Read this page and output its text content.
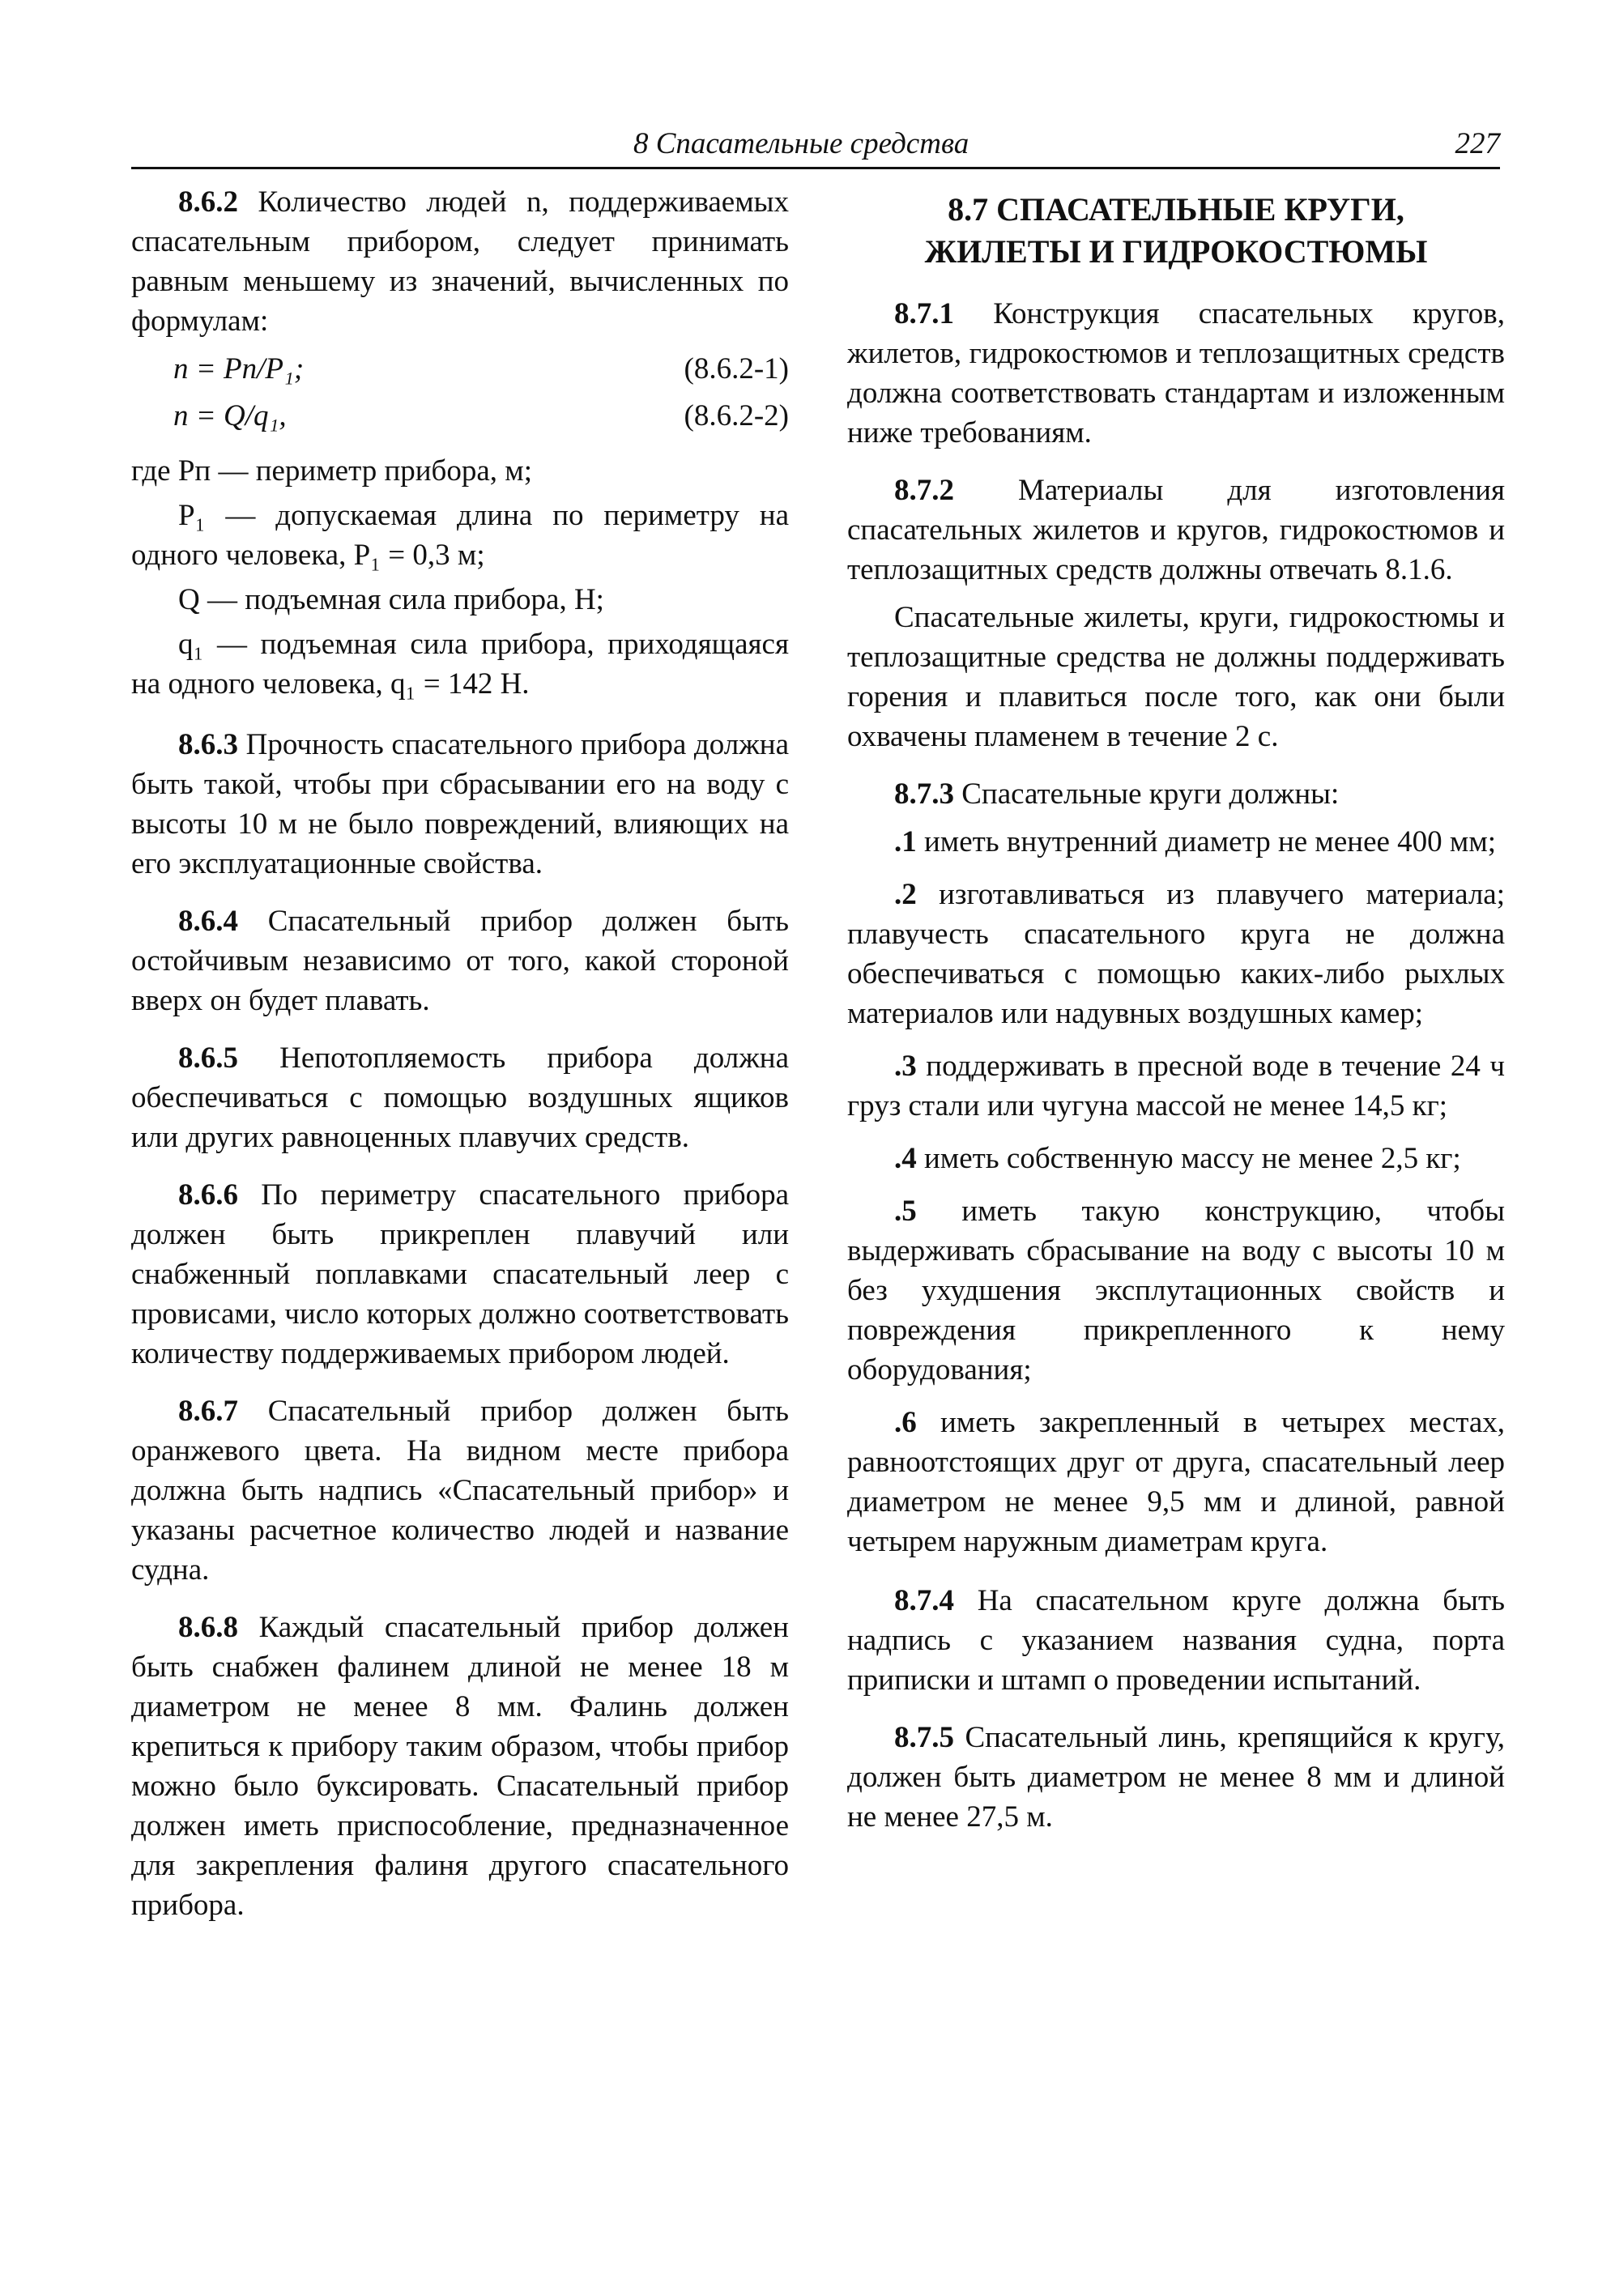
8 Спасательные средства	227

8.6.2 Количество людей n, поддерживаемых спасательным прибором, следует принимать равным меньшему из значений, вычисленных по формулам:

n = Pп/P₁;	(8.6.2-1)
n = Q/q₁,	(8.6.2-2)

где Pп — периметр прибора, м;

P₁ — допускаемая длина по периметру на одного человека, P₁ = 0,3 м;

Q — подъемная сила прибора, Н;

q₁ — подъемная сила прибора, приходящаяся на одного человека, q₁ = 142 Н.

8.6.3 Прочность спасательного прибора должна быть такой, чтобы при сбрасывании его на воду с высоты 10 м не было повреждений, влияющих на его эксплуатационные свойства.

8.6.4 Спасательный прибор должен быть остойчивым независимо от того, какой стороной вверх он будет плавать.

8.6.5 Непотопляемость прибора должна обеспечиваться с помощью воздушных ящиков или других равноценных плавучих средств.

8.6.6 По периметру спасательного прибора должен быть прикреплен плавучий или снабженный поплавками спасательный леер с провисами, число которых должно соответствовать количеству поддерживаемых прибором людей.

8.6.7 Спасательный прибор должен быть оранжевого цвета. На видном месте прибора должна быть надпись «Спасательный прибор» и указаны расчетное количество людей и название судна.

8.6.8 Каждый спасательный прибор должен быть снабжен фалинем длиной не менее 18 м диаметром не менее 8 мм. Фалинь должен крепиться к прибору таким образом, чтобы прибор можно было буксировать. Спасательный прибор должен иметь приспособление, предназначенное для закрепления фалиня другого спасательного прибора.

8.7 СПАСАТЕЛЬНЫЕ КРУГИ,
ЖИЛЕТЫ И ГИДРОКОСТЮМЫ

8.7.1 Конструкция спасательных кругов, жилетов, гидрокостюмов и теплозащитных средств должна соответствовать стандартам и изложенным ниже требованиям.

8.7.2 Материалы для изготовления спасательных жилетов и кругов, гидрокостюмов и теплозащитных средств должны отвечать 8.1.6.

Спасательные жилеты, круги, гидрокостюмы и теплозащитные средства не должны поддерживать горения и плавиться после того, как они были охвачены пламенем в течение 2 с.

8.7.3 Спасательные круги должны:

.1 иметь внутренний диаметр не менее 400 мм;

.2 изготавливаться из плавучего материала; плавучесть спасательного круга не должна обеспечиваться с помощью каких-либо рыхлых материалов или надувных воздушных камер;

.3 поддерживать в пресной воде в течение 24 ч груз стали или чугуна массой не менее 14,5 кг;

.4 иметь собственную массу не менее 2,5 кг;

.5 иметь такую конструкцию, чтобы выдерживать сбрасывание на воду с высоты 10 м без ухудшения эксплутационных свойств и повреждения прикрепленного к нему оборудования;

.6 иметь закрепленный в четырех местах, равноотстоящих друг от друга, спасательный леер диаметром не менее 9,5 мм и длиной, равной четырем наружным диаметрам круга.

8.7.4 На спасательном круге должна быть надпись с указанием названия судна, порта приписки и штамп о проведении испытаний.

8.7.5 Спасательный линь, крепящийся к кругу, должен быть диаметром не менее 8 мм и длиной не менее 27,5 м.
